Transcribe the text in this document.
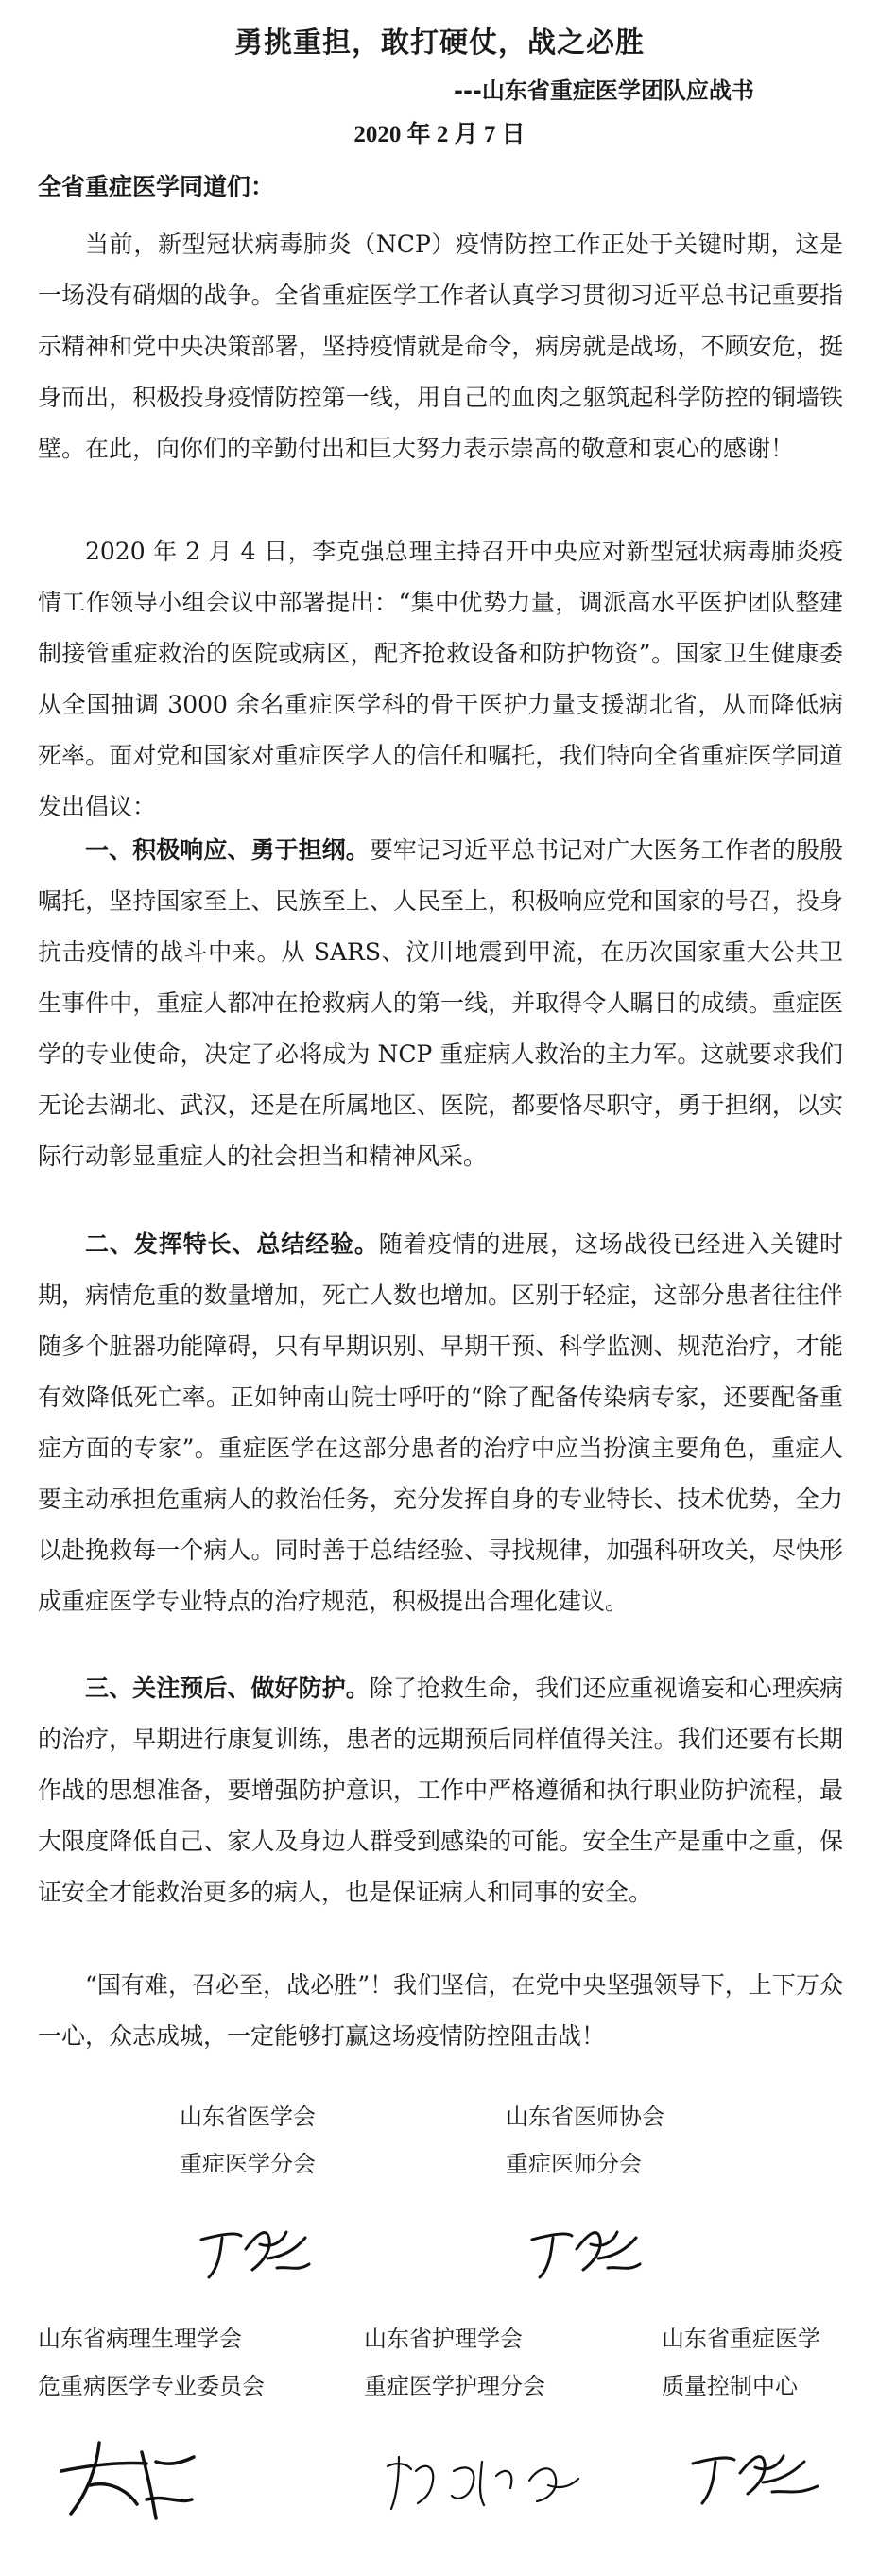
勇挑重担，敢打硬仗，战之必胜
---山东省重症医学团队应战书
2020 年 2 月 7 日
全省重症医学同道们：

当前，新型冠状病毒肺炎（NCP）疫情防控工作正处于关键时期，这是一场没有硝烟的战争。全省重症医学工作者认真学习贯彻习近平总书记重要指示精神和党中央决策部署，坚持疫情就是命令，病房就是战场，不顾安危，挺身而出，积极投身疫情防控第一线，用自己的血肉之躯筑起科学防控的铜墙铁壁。在此，向你们的辛勤付出和巨大努力表示崇高的敬意和衷心的感谢！

2020 年 2 月 4 日，李克强总理主持召开中央应对新型冠状病毒肺炎疫情工作领导小组会议中部署提出：“集中优势力量，调派高水平医护团队整建制接管重症救治的医院或病区，配齐抢救设备和防护物资”。国家卫生健康委从全国抽调 3000 余名重症医学科的骨干医护力量支援湖北省，从而降低病死率。面对党和国家对重症医学人的信任和嘱托，我们特向全省重症医学同道发出倡议：

一、积极响应、勇于担纲。要牢记习近平总书记对广大医务工作者的殷殷嘱托，坚持国家至上、民族至上、人民至上，积极响应党和国家的号召，投身抗击疫情的战斗中来。从 SARS、汶川地震到甲流，在历次国家重大公共卫生事件中，重症人都冲在抢救病人的第一线，并取得令人瞩目的成绩。重症医学的专业使命，决定了必将成为 NCP 重症病人救治的主力军。这就要求我们无论去湖北、武汉，还是在所属地区、医院，都要恪尽职守，勇于担纲，以实际行动彰显重症人的社会担当和精神风采。

二、发挥特长、总结经验。随着疫情的进展，这场战役已经进入关键时期，病情危重的数量增加，死亡人数也增加。区别于轻症，这部分患者往往伴随多个脏器功能障碍，只有早期识别、早期干预、科学监测、规范治疗，才能有效降低死亡率。正如钟南山院士呼吁的“除了配备传染病专家，还要配备重症方面的专家”。重症医学在这部分患者的治疗中应当扮演主要角色，重症人要主动承担危重病人的救治任务，充分发挥自身的专业特长、技术优势，全力以赴挽救每一个病人。同时善于总结经验、寻找规律，加强科研攻关，尽快形成重症医学专业特点的治疗规范，积极提出合理化建议。

三、关注预后、做好防护。除了抢救生命，我们还应重视谵妄和心理疾病的治疗，早期进行康复训练，患者的远期预后同样值得关注。我们还要有长期作战的思想准备，要增强防护意识，工作中严格遵循和执行职业防护流程，最大限度降低自己、家人及身边人群受到感染的可能。安全生产是重中之重，保证安全才能救治更多的病人，也是保证病人和同事的安全。

“国有难，召必至，战必胜”！我们坚信，在党中央坚强领导下，上下万众一心，众志成城，一定能够打赢这场疫情防控阻击战！

山东省医学会
重症医学分会
山东省医师协会
重症医师分会
山东省病理生理学会
危重病医学专业委员会
山东省护理学会
重症医学护理分会
山东省重症医学
质量控制中心
